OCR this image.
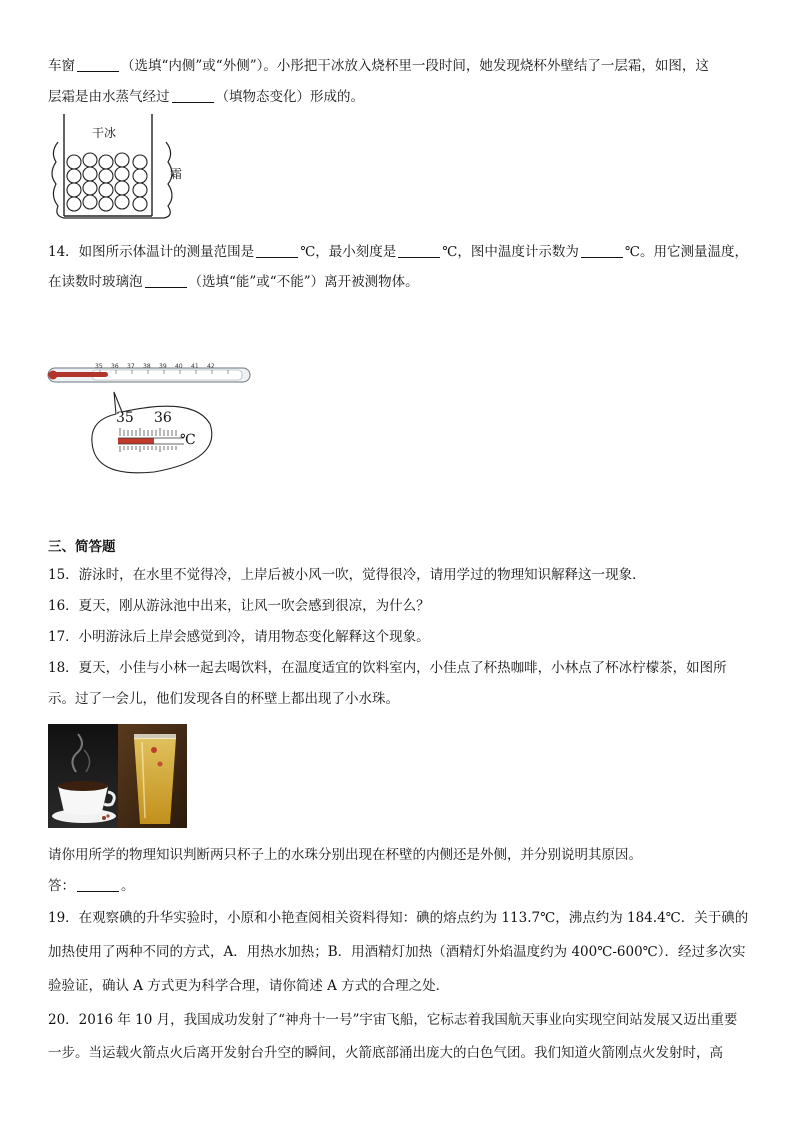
车窗	（选填“内侧”或“外侧”）。小彤把干冰放入烧杯里一段时间，她发现烧杯外壁结了一层霜，如图，这
层霜是由水蒸气经过	（填物态变化）形成的。
干冰
霜
14．如图所示体温计的测量范围是	℃，最小刻度是	℃，图中温度计示数为	℃。用它测量温度，
在读数时玻璃泡	（选填“能”或“不能”）离开被测物体。
35 36 37 38 39 40 41 42
35 36
℃
三、简答题
15．游泳时，在水里不觉得冷，上岸后被小风一吹，觉得很冷，请用学过的物理知识解释这一现象．
16．夏天，刚从游泳池中出来，让风一吹会感到很凉，为什么？
17．小明游泳后上岸会感觉到冷，请用物态变化解释这个现象。
18．夏天，小佳与小林一起去喝饮料，在温度适宜的饮料室内，小佳点了杯热咖啡，小林点了杯冰柠檬茶，如图所
示。过了一会儿，他们发现各自的杯壁上都出现了小水珠。
请你用所学的物理知识判断两只杯子上的水珠分别出现在杯壁的内侧还是外侧，并分别说明其原因。
答：	。
19．在观察碘的升华实验时，小原和小艳查阅相关资料得知：碘的熔点约为 113.7℃，沸点约为 184.4℃．关于碘的
加热使用了两种不同的方式，A．用热水加热；B．用酒精灯加热（酒精灯外焰温度约为 400℃-600℃）．经过多次实
验验证，确认 A 方式更为科学合理，请你简述 A 方式的合理之处．
20．2016 年 10 月，我国成功发射了“神舟十一号”宇宙飞船，它标志着我国航天事业向实现空间站发展又迈出重要
一步。当运载火箭点火后离开发射台升空的瞬间，火箭底部涌出庞大的白色气团。我们知道火箭刚点火发射时，高
